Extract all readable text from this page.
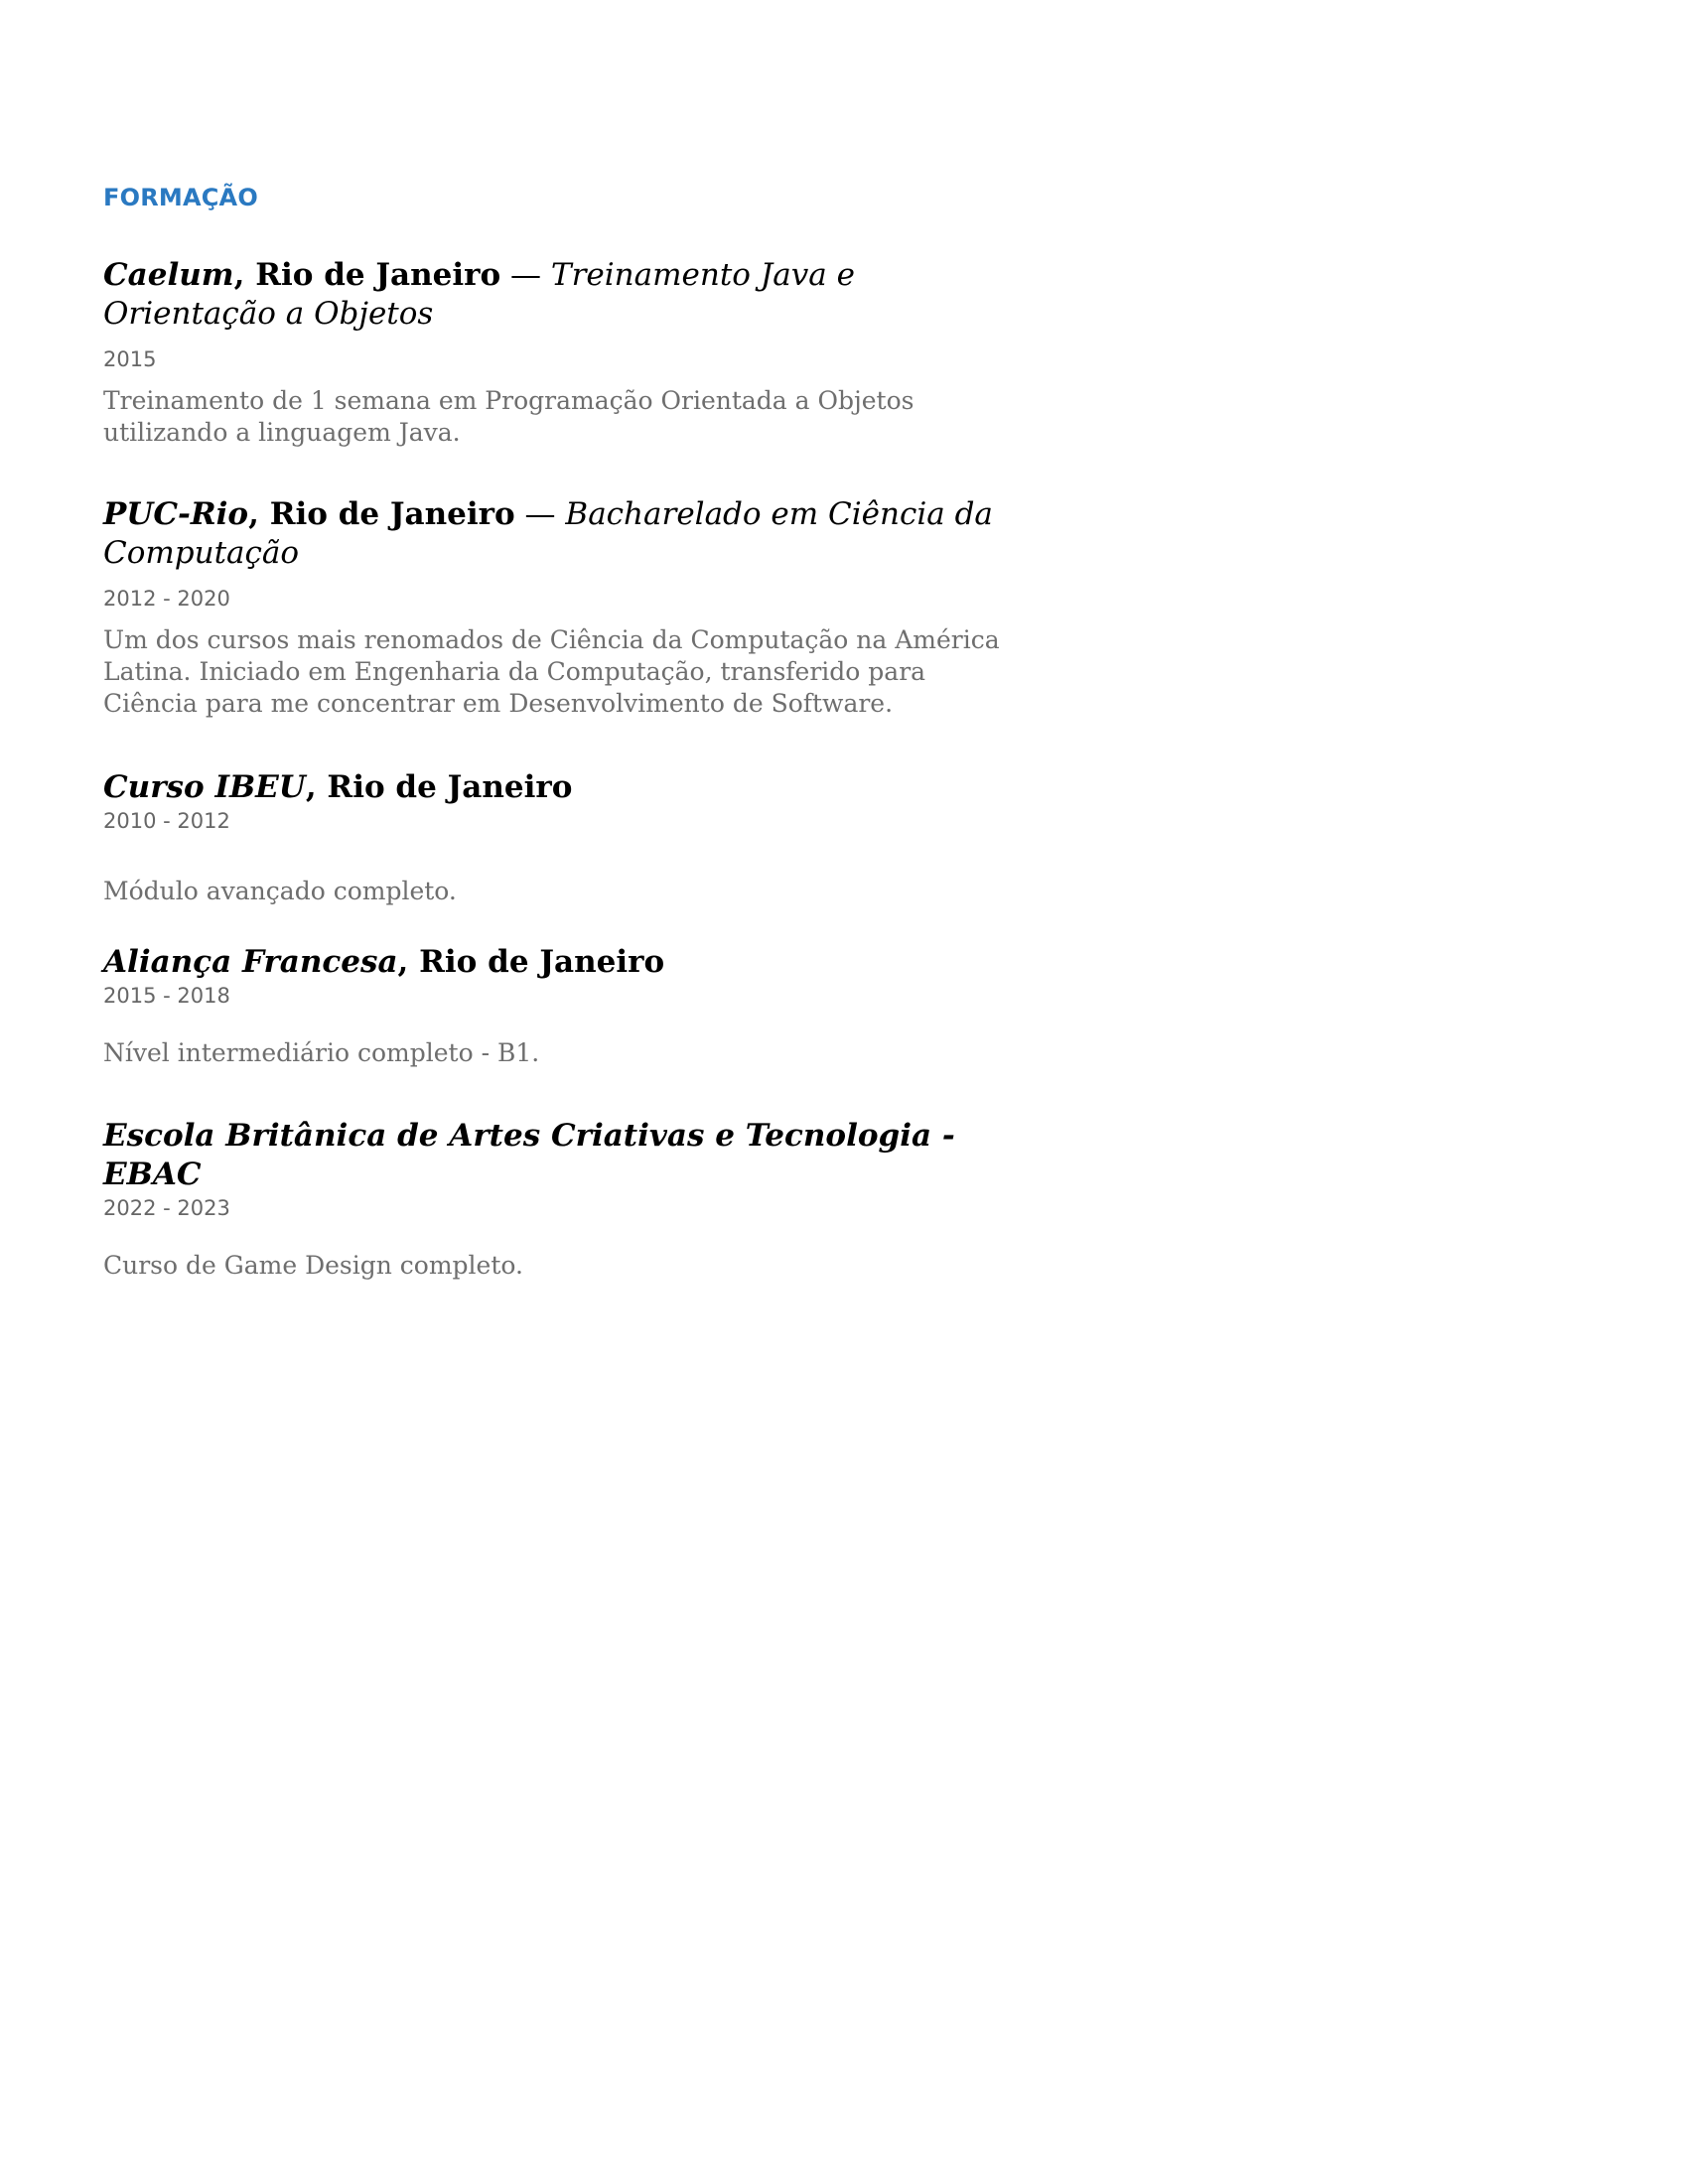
FORMAÇÃO
Caelum, Rio de Janeiro — Treinamento Java e Orientação a Objetos

2015

Treinamento de 1 semana em Programação Orientada a Objetos utilizando a linguagem Java.

PUC-Rio, Rio de Janeiro — Bacharelado em Ciência da Computação

2012 - 2020

Um dos cursos mais renomados de Ciência da Computação na América Latina. Iniciado em Engenharia da Computação, transferido para Ciência para me concentrar em Desenvolvimento de Software.

Curso IBEU, Rio de Janeiro

2010 - 2012

Módulo avançado completo.

Aliança Francesa, Rio de Janeiro

2015 - 2018

Nível intermediário completo - B1.

Escola Britânica de Artes Criativas e Tecnologia - EBAC

2022 - 2023

Curso de Game Design completo.
